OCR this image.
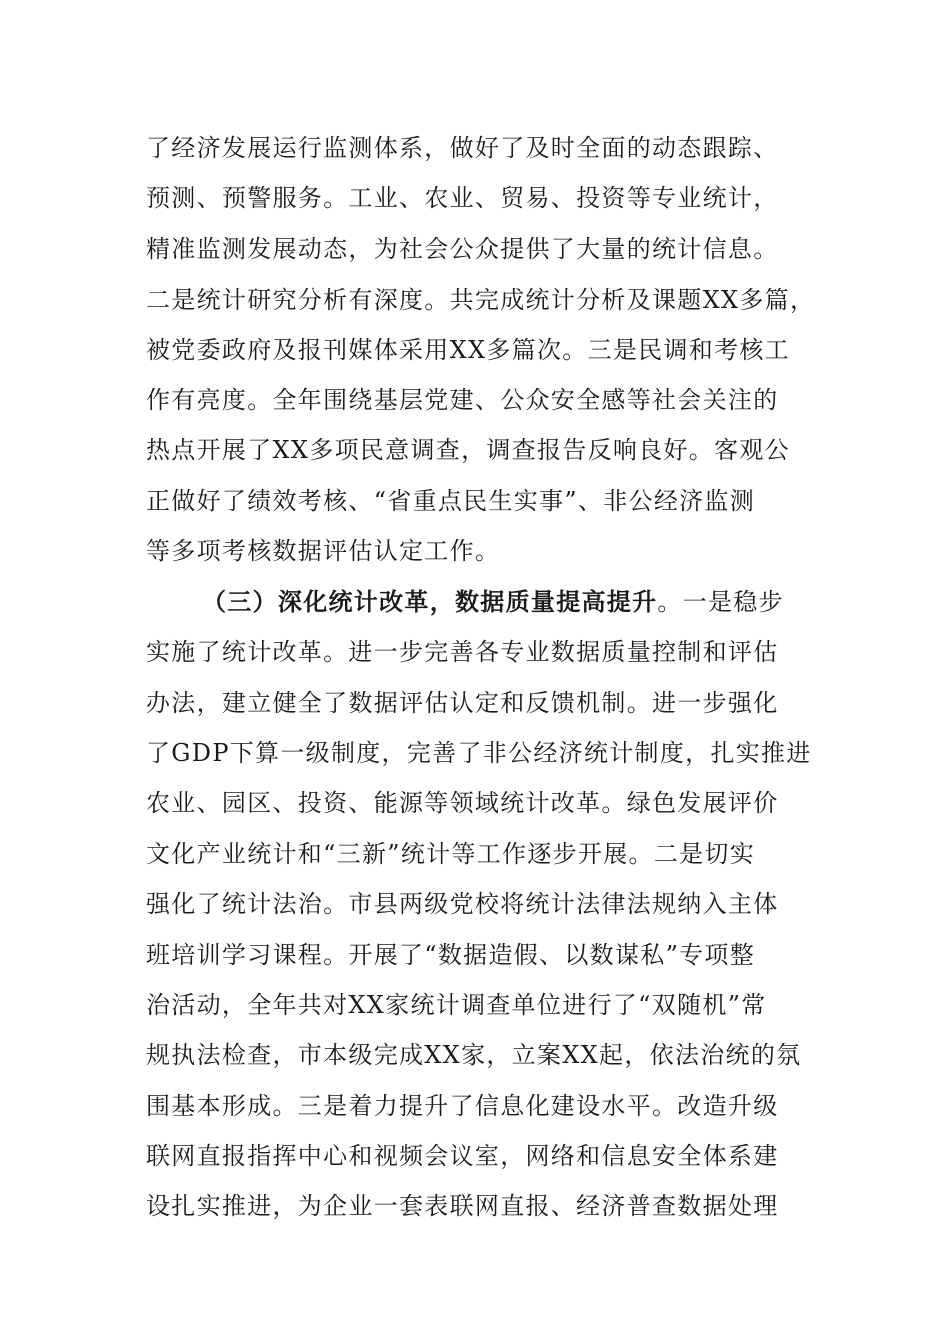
了经济发展运行监测体系，做好了及时全面的动态跟踪、
预测、预警服务。工业、农业、贸易、投资等专业统计，
精准监测发展动态，为社会公众提供了大量的统计信息。
二是统计研究分析有深度。共完成统计分析及课题XX多篇，
被党委政府及报刊媒体采用XX多篇次。三是民调和考核工
作有亮度。全年围绕基层党建、公众安全感等社会关注的
热点开展了XX多项民意调查，调查报告反响良好。客观公
正做好了绩效考核、“省重点民生实事”、非公经济监测
等多项考核数据评估认定工作。
（三）深化统计改革，数据质量提高提升。一是稳步
实施了统计改革。进一步完善各专业数据质量控制和评估
办法，建立健全了数据评估认定和反馈机制。进一步强化
了GDP下算一级制度，完善了非公经济统计制度，扎实推进
农业、园区、投资、能源等领域统计改革。绿色发展评价
文化产业统计和“三新”统计等工作逐步开展。二是切实
强化了统计法治。市县两级党校将统计法律法规纳入主体
班培训学习课程。开展了“数据造假、以数谋私”专项整
治活动，全年共对XX家统计调查单位进行了“双随机”常
规执法检查，市本级完成XX家，立案XX起，依法治统的氛
围基本形成。三是着力提升了信息化建设水平。改造升级
联网直报指挥中心和视频会议室，网络和信息安全体系建
设扎实推进，为企业一套表联网直报、经济普查数据处理
